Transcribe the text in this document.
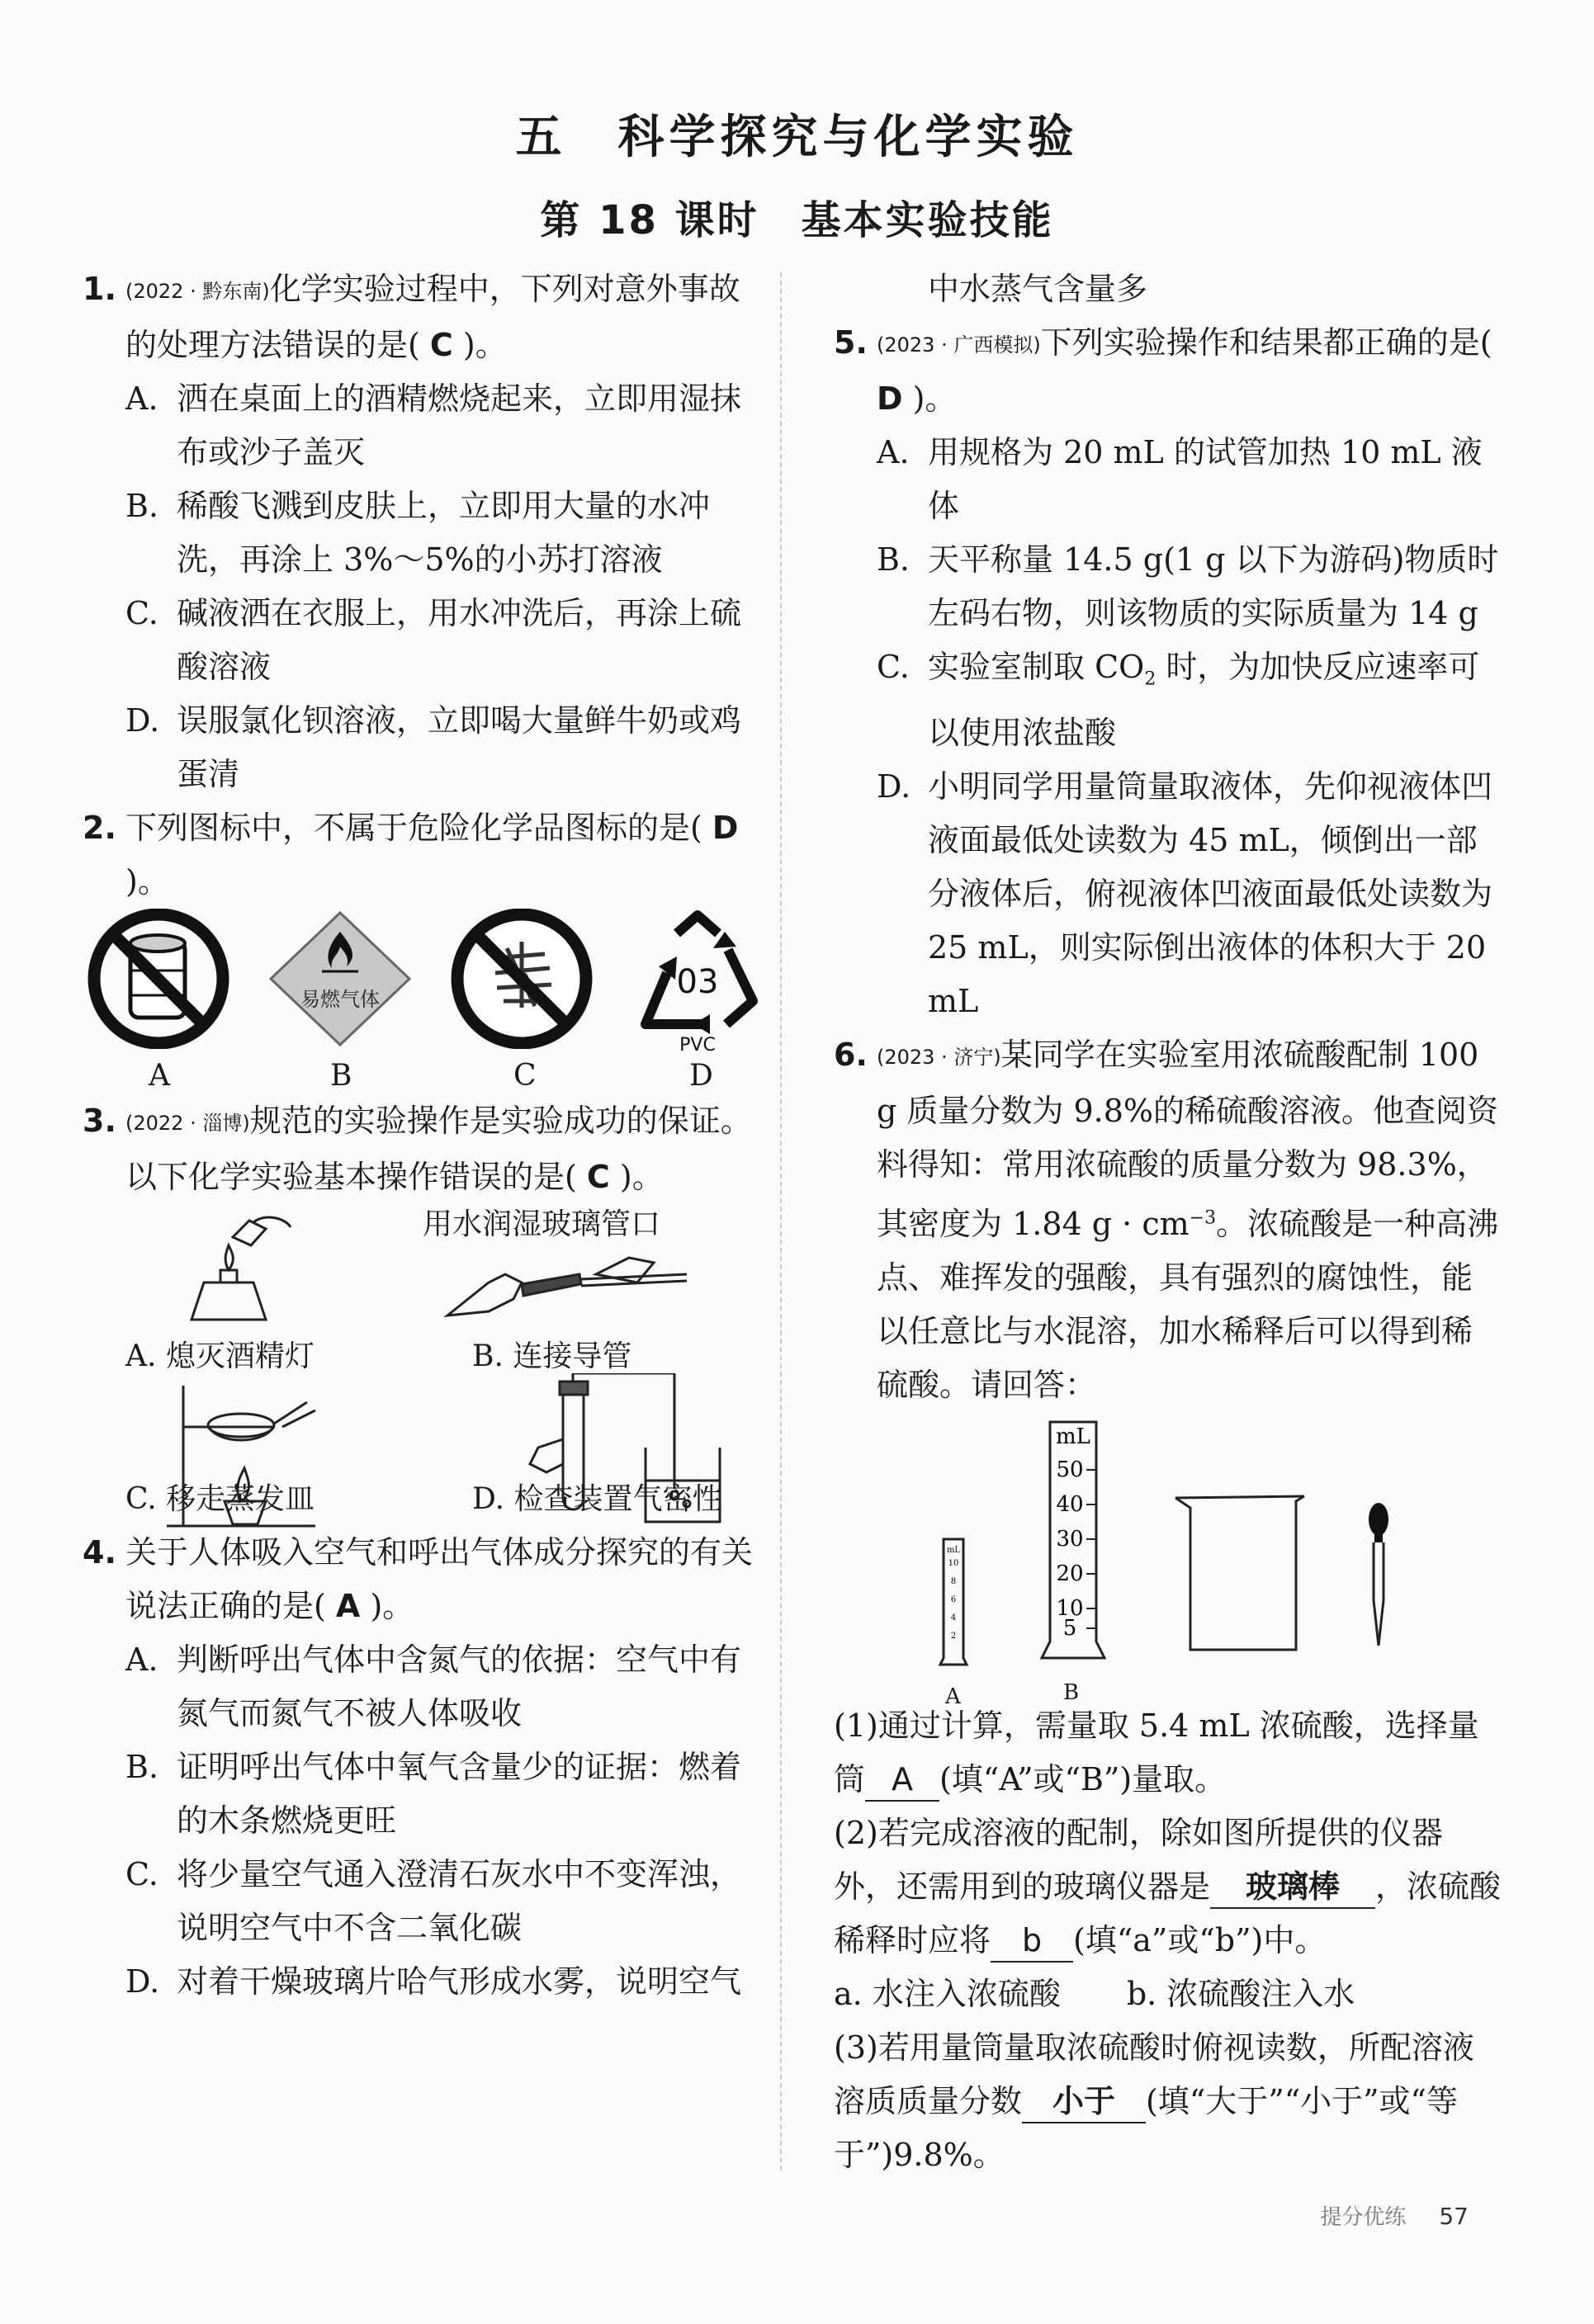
五　科学探究与化学实验
第 18 课时　基本实验技能
1. (2022 · 黔东南)化学实验过程中，下列对意外事故的处理方法错误的是( C )。
A. 洒在桌面上的酒精燃烧起来，立即用湿抹布或沙子盖灭
B. 稀酸飞溅到皮肤上，立即用大量的水冲洗，再涂上 3%～5%的小苏打溶液
C. 碱液洒在衣服上，用水冲洗后，再涂上硫酸溶液
D. 误服氯化钡溶液，立即喝大量鲜牛奶或鸡蛋清
2. 下列图标中，不属于危险化学品图标的是( D )。
易燃气体	03
PVC
A	B	C	D
3. (2022 · 淄博)规范的实验操作是实验成功的保证。以下化学实验基本操作错误的是( C )。
用水润湿玻璃管口
A. 熄灭酒精灯	B. 连接导管
C. 移走蒸发皿	D. 检查装置气密性
4. 关于人体吸入空气和呼出气体成分探究的有关说法正确的是( A )。
A. 判断呼出气体中含氮气的依据：空气中有氮气而氮气不被人体吸收
B. 证明呼出气体中氧气含量少的证据：燃着的木条燃烧更旺
C. 将少量空气通入澄清石灰水中不变浑浊，说明空气中不含二氧化碳
D. 对着干燥玻璃片哈气形成水雾，说明空气
中水蒸气含量多
5. (2023 · 广西模拟)下列实验操作和结果都正确的是( D )。
A. 用规格为 20 mL 的试管加热 10 mL 液体
B. 天平称量 14.5 g(1 g 以下为游码)物质时左码右物，则该物质的实际质量为 14 g
C. 实验室制取 $CO_2$ 时，为加快反应速率可以使用浓盐酸
D. 小明同学用量筒量取液体，先仰视液体凹液面最低处读数为 45 mL，倾倒出一部分液体后，俯视液体凹液面最低处读数为 25 mL，则实际倒出液体的体积大于 20 mL
6. (2023 · 济宁)某同学在实验室用浓硫酸配制 100 g 质量分数为 9.8%的稀硫酸溶液。他查阅资料得知：常用浓硫酸的质量分数为 98.3%，其密度为 1.84 $g \cdot cm^{-3}$。浓硫酸是一种高沸点、难挥发的强酸，具有强烈的腐蚀性，能以任意比与水混溶，加水稀释后可以得到稀硫酸。请回答：
mL
10
8
6
4
2
A
mL
50
40
30
20
10
5
B
(1)通过计算，需量取 5.4 mL 浓硫酸，选择量筒 A (填“A”或“B”)量取。
(2)若完成溶液的配制，除如图所提供的仪器外，还需用到的玻璃仪器是 玻璃棒 ，浓硫酸稀释时应将 b (填“a”或“b”)中。
a. 水注入浓硫酸 b. 浓硫酸注入水
(3)若用量筒量取浓硫酸时俯视读数，所配溶液溶质质量分数 小于 (填“大于”“小于”或“等于”)9.8%。
提分优练 57
